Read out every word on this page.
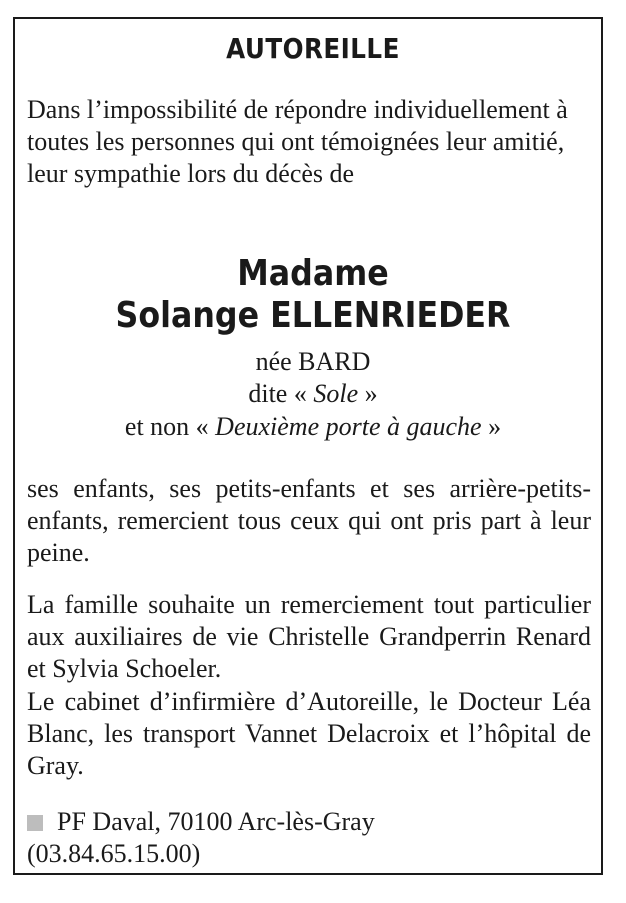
AUTOREILLE

Dans l’impossibilité de répondre individuellement à toutes les personnes qui ont témoignées leur amitié, leur sympathie lors du décès de

Madame
Solange ELLENRIEDER

née BARD

dite « Sole »

et non « Deuxième porte à gauche »

ses enfants, ses petits-enfants et ses arrière-petits-enfants, remercient tous ceux qui ont pris part à leur peine.

La famille souhaite un remerciement tout particulier aux auxiliaires de vie Christelle Grandperrin Renard et Sylvia Schoeler.

Le cabinet d’infirmière d’Autoreille, le Docteur Léa Blanc, les transport Vannet Delacroix et l’hôpital de Gray.

PF Daval, 70100 Arc-lès-Gray

(03.84.65.15.00)
